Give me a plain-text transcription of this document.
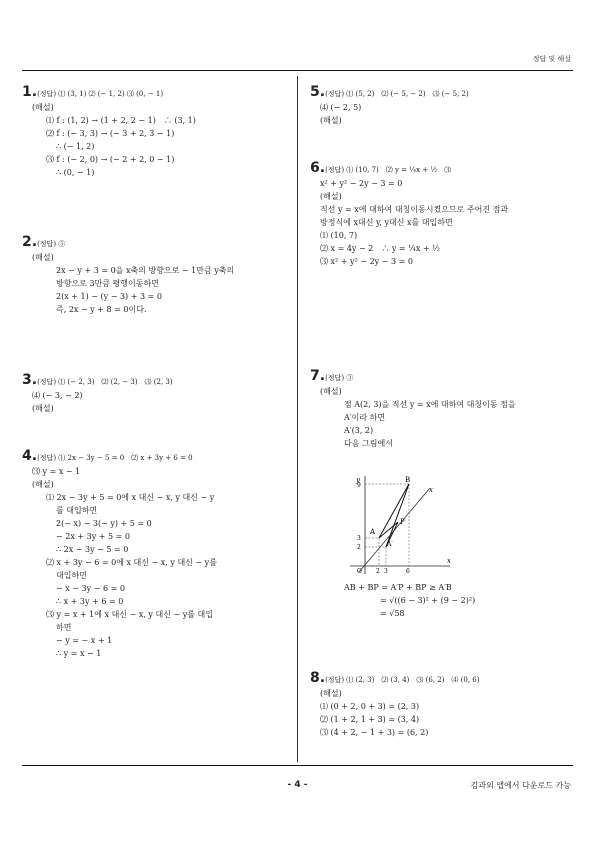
정답 및 해설
1.(정답) ⑴ (3, 1) ⑵ (− 1, 2) ⑶ (0, − 1)
(해설)
⑴ f : (1, 2) → (1 + 2, 2 − 1)　∴ (3, 1)
⑵ f : (− 3, 3) → (− 3 + 2, 3 − 1)
∴ (− 1, 2)
⑶ f : (− 2, 0) → (− 2 + 2, 0 − 1)
∴ (0, − 1)
2.(정답) ⑤
(해설)
2x − y + 3 = 0을 x축의 방향으로 − 1만큼 y축의
방향으로 3만큼 평행이동하면
2(x + 1) − (y − 3) + 3 = 0
즉, 2x − y + 8 = 0이다.
3.(정답) ⑴ (− 2, 3)　⑵ (2, − 3)　⑶ (2, 3)
⑷ (− 3, − 2)
(해설)
4.(정답) ⑴ 2x − 3y − 5 = 0　⑵ x + 3y + 6 = 0
⑶ y = x − 1
(해설)
⑴ 2x − 3y + 5 = 0에 x 대신 − x, y 대신 − y
를 대입하면
2(− x) − 3(− y) + 5 = 0
− 2x + 3y + 5 = 0
∴ 2x − 3y − 5 = 0
⑵ x + 3y − 6 = 0에 x 대신 − x, y 대신 − y를
대입하면
− x − 3y − 6 = 0
∴ x + 3y + 6 = 0
⑶ y = x + 1에 x 대신 − x, y 대신 − y를 대입
하면
− y = − x + 1
∴ y = x − 1
5.(정답) ⑴ (5, 2)　⑵ (− 5, − 2)　⑶ (− 5, 2)
⑷ (− 2, 5)
(해설)
6.(정답) ⑴ (10, 7)　⑵ y = ¼x + ½　⑶
x² + y² − 2y − 3 = 0
(해설)
직선 y = x에 대하여 대칭이동시켰으므로 주어진 점과
방정식에 x대신 y, y대신 x를 대입하면
⑴ (10, 7)
⑵ x = 4y − 2　∴ y = ¼x + ½
⑶ x² + y² − 2y − 3 = 0
7.(정답) ③
(해설)
점 A(2, 3)을 직선 y = x에 대하여 대칭이동 점을
A′이라 하면
A′(3, 2)
다음 그림에서
B
P
A
A′
O
x
y
x
9
3
2
2 3	6
AB + BP = A′P + BP ≥ A′B
= √((6 − 3)² + (9 − 2)²)
= √58
8.(정답) ⑴ (2, 3)　⑵ (3, 4)　⑶ (6, 2)　⑷ (0, 6)
(해설)
⑴ (0 + 2, 0 + 3) = (2, 3)
⑵ (1 + 2, 1 + 3) = (3, 4)
⑶ (4 + 2, − 1 + 3) = (6, 2)
- 4 -	김과외 앱에서 다운로드 가능
